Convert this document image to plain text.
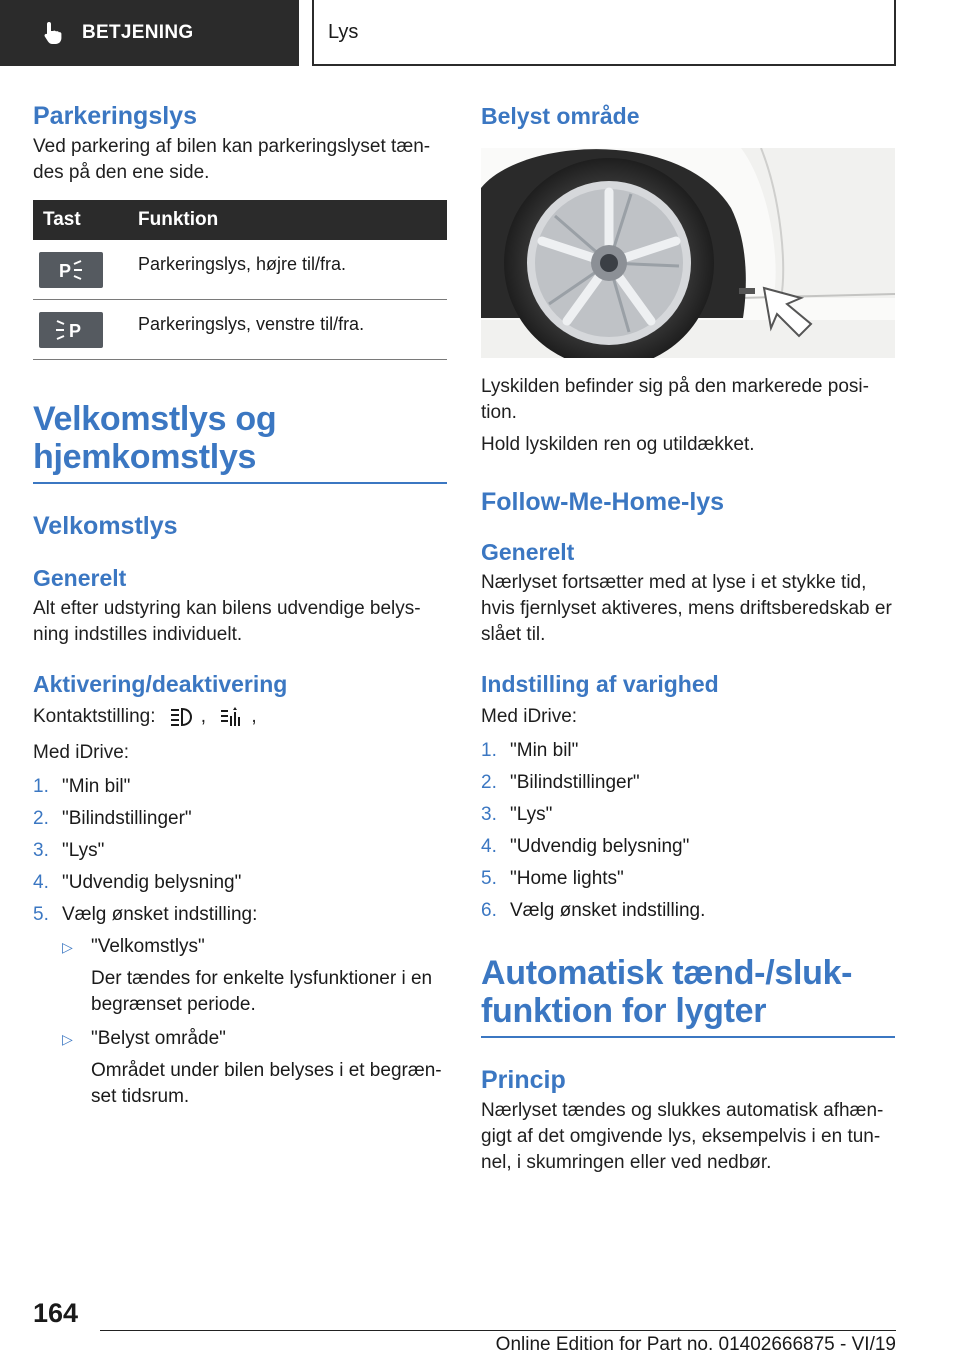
BETJENING	Lys
Parkeringslys

Ved parkering af bilen kan parkeringslyset tæn-des på den ene side.

Tast	Funktion
P	Parkeringslys, højre til/fra.
P	Parkeringslys, venstre til/fra.
Velkomstlys og
hjemkomstlys
Velkomstlys
Generelt

Alt efter udstyring kan bilens udvendige belys-ning indstilles individuelt.

Aktivering/deaktivering

Kontaktstilling: , ,

Med iDrive:

1. "Min bil"
2. "Bilindstillinger"
3. "Lys"
4. "Udvendig belysning"
5. Vælg ønsket indstilling:
▷ "Velkomstlys"
Der tændes for enkelte lysfunktioner i en begrænset periode.
▷ "Belyst område"
Området under bilen belyses i et begræn-set tidsrum.
Belyst område

Lyskilden befinder sig på den markerede posi-tion.

Hold lyskilden ren og utildækket.

Follow-Me-Home-lys
Generelt

Nærlyset fortsætter med at lyse i et stykke tid, hvis fjernlyset aktiveres, mens driftsberedskab er slået til.

Indstilling af varighed

Med iDrive:

1. "Min bil"
2. "Bilindstillinger"
3. "Lys"
4. "Udvendig belysning"
5. "Home lights"
6. Vælg ønsket indstilling.
Automatisk tænd-/sluk-
funktion for lygter
Princip

Nærlyset tændes og slukkes automatisk afhæn-gigt af det omgivende lys, eksempelvis i en tun-nel, i skumringen eller ved nedbør.

164
Online Edition for Part no. 01402666875 - VI/19
